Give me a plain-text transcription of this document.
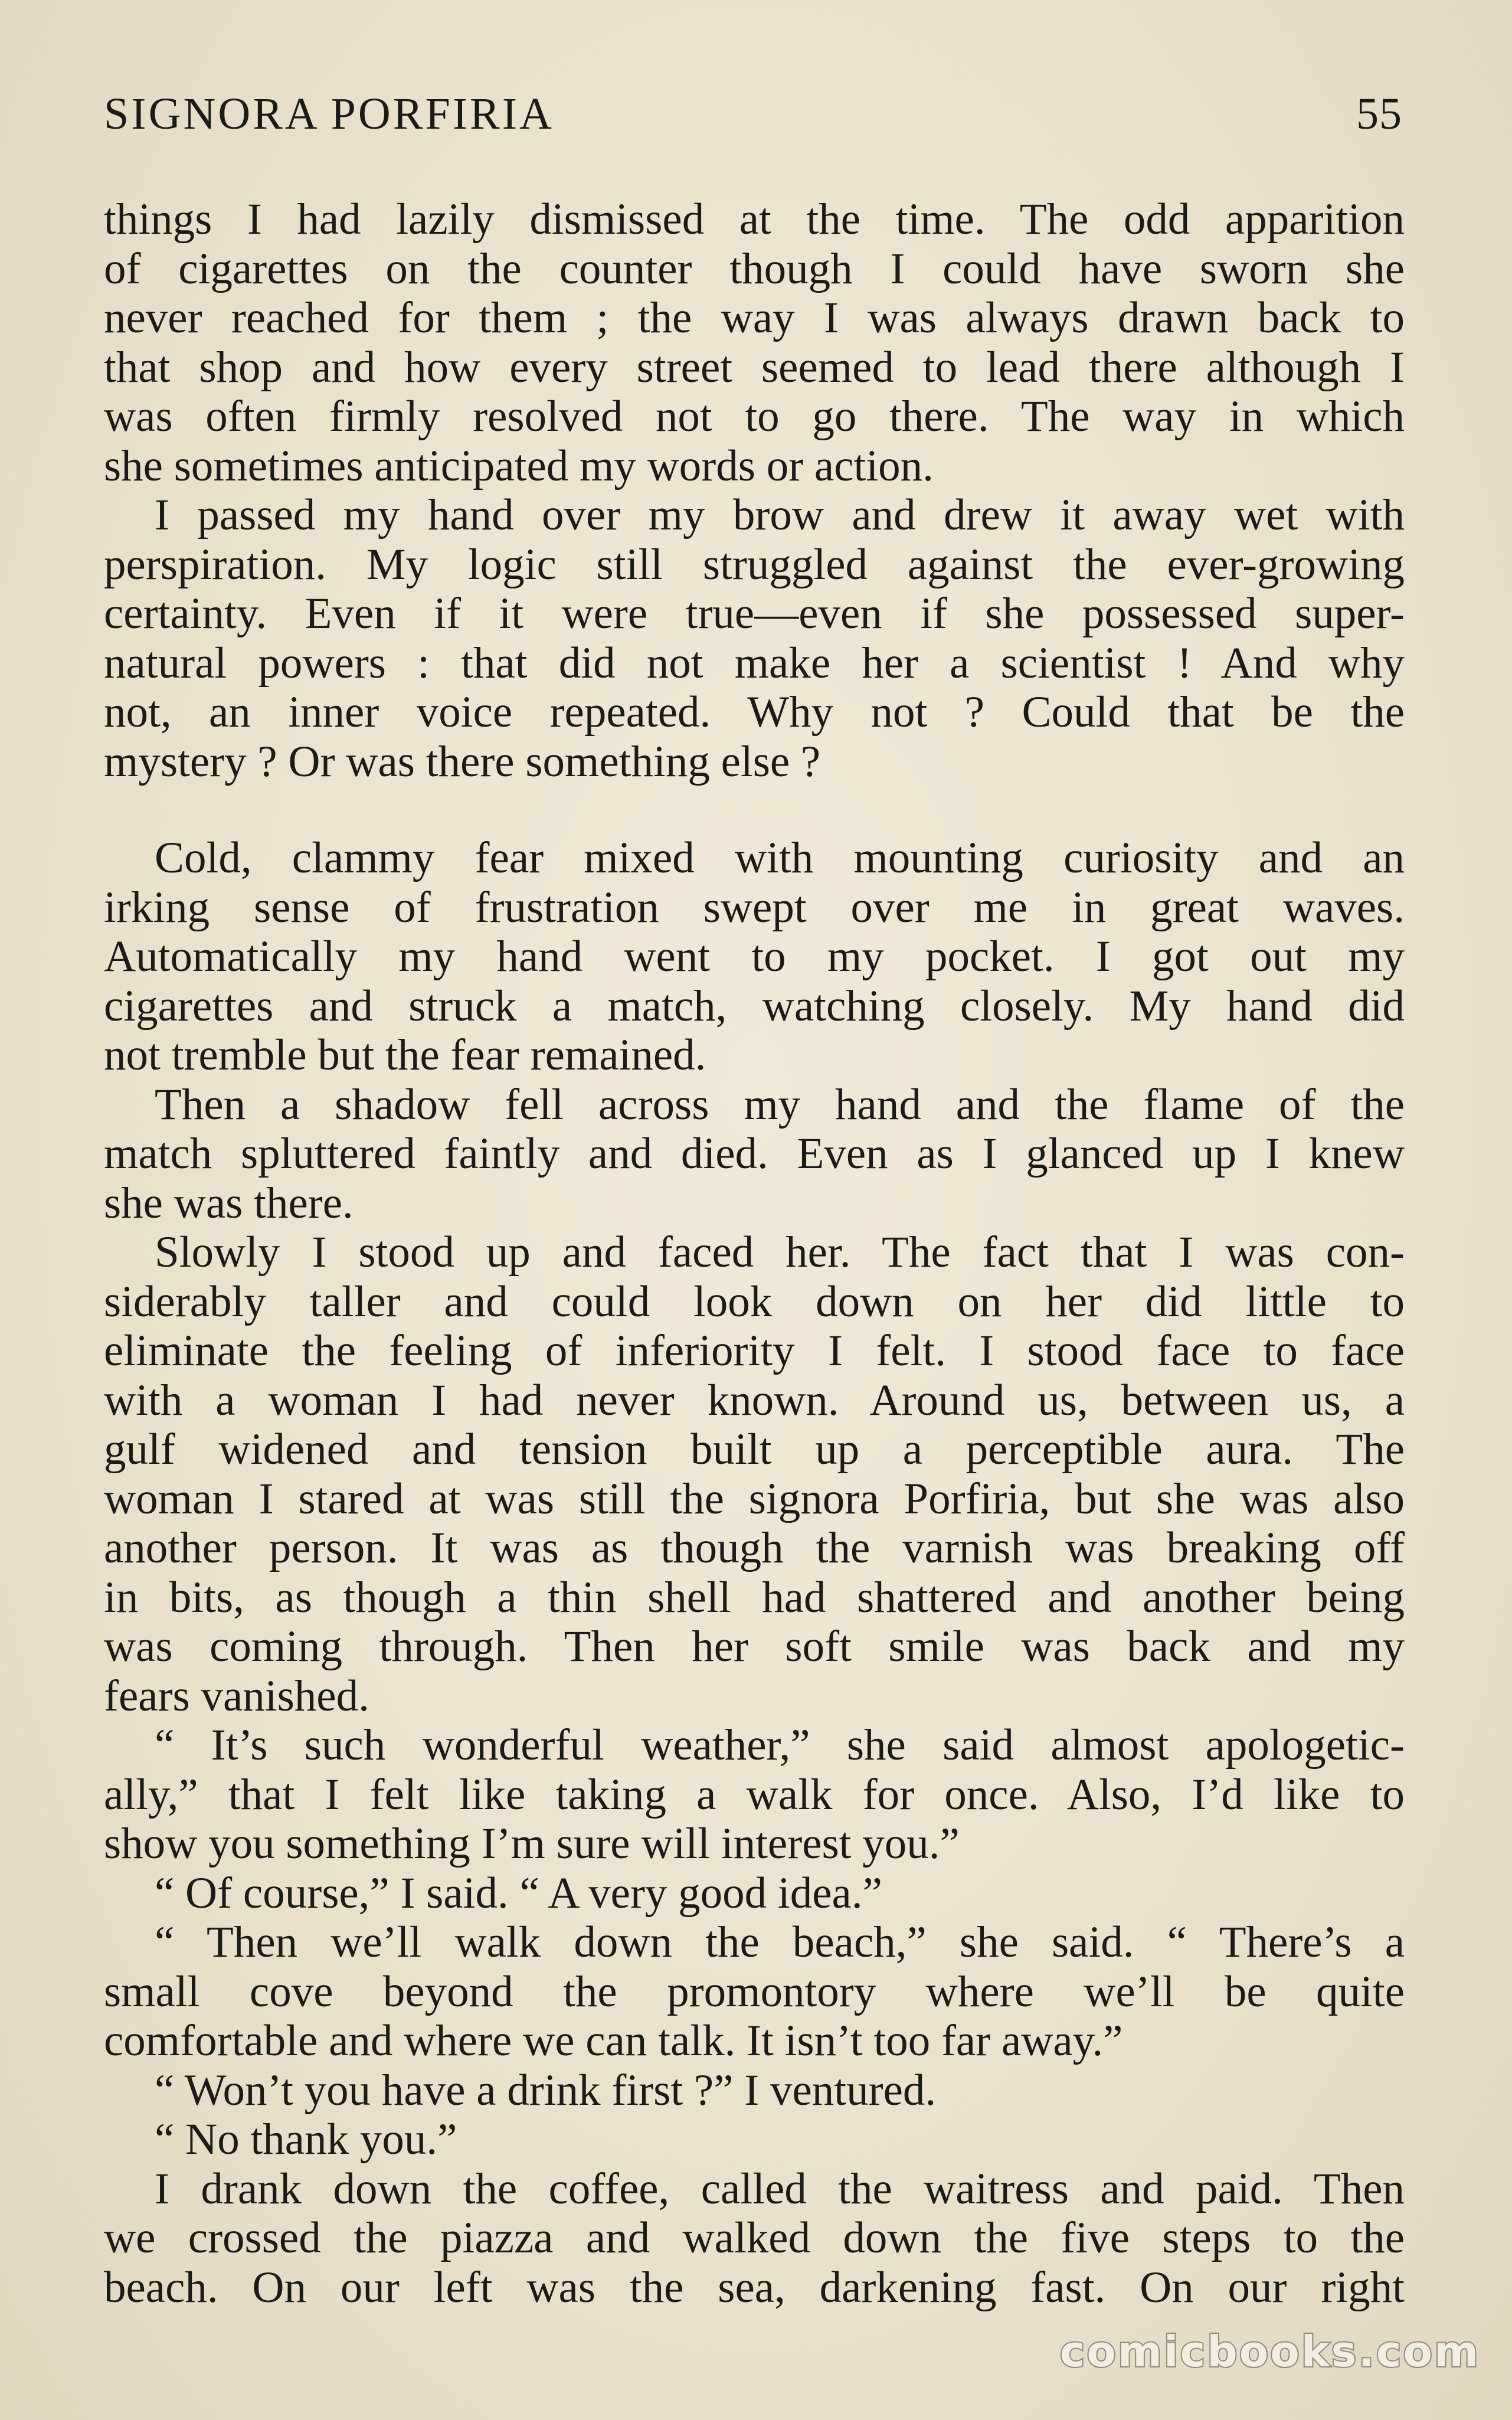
SIGNORA PORFIRIA	55
things I had lazily dismissed at the time. The odd apparition
of cigarettes on the counter though I could have sworn she
never reached for them ; the way I was always drawn back to
that shop and how every street seemed to lead there although I
was often firmly resolved not to go there. The way in which
she sometimes anticipated my words or action.
I passed my hand over my brow and drew it away wet with
perspiration. My logic still struggled against the ever-growing
certainty. Even if it were true—even if she possessed super-
natural powers : that did not make her a scientist ! And why
not, an inner voice repeated. Why not ? Could that be the
mystery ? Or was there something else ?
Cold, clammy fear mixed with mounting curiosity and an
irking sense of frustration swept over me in great waves.
Automatically my hand went to my pocket. I got out my
cigarettes and struck a match, watching closely. My hand did
not tremble but the fear remained.
Then a shadow fell across my hand and the flame of the
match spluttered faintly and died. Even as I glanced up I knew
she was there.
Slowly I stood up and faced her. The fact that I was con-
siderably taller and could look down on her did little to
eliminate the feeling of inferiority I felt. I stood face to face
with a woman I had never known. Around us, between us, a
gulf widened and tension built up a perceptible aura. The
woman I stared at was still the signora Porfiria, but she was also
another person. It was as though the varnish was breaking off
in bits, as though a thin shell had shattered and another being
was coming through. Then her soft smile was back and my
fears vanished.
“ It’s such wonderful weather,” she said almost apologetic-
ally,” that I felt like taking a walk for once. Also, I’d like to
show you something I’m sure will interest you.”
“ Of course,” I said. “ A very good idea.”
“ Then we’ll walk down the beach,” she said. “ There’s a
small cove beyond the promontory where we’ll be quite
comfortable and where we can talk. It isn’t too far away.”
“ Won’t you have a drink first ?” I ventured.
“ No thank you.”
I drank down the coffee, called the waitress and paid. Then
we crossed the piazza and walked down the five steps to the
beach. On our left was the sea, darkening fast. On our right
comicbooks.com
